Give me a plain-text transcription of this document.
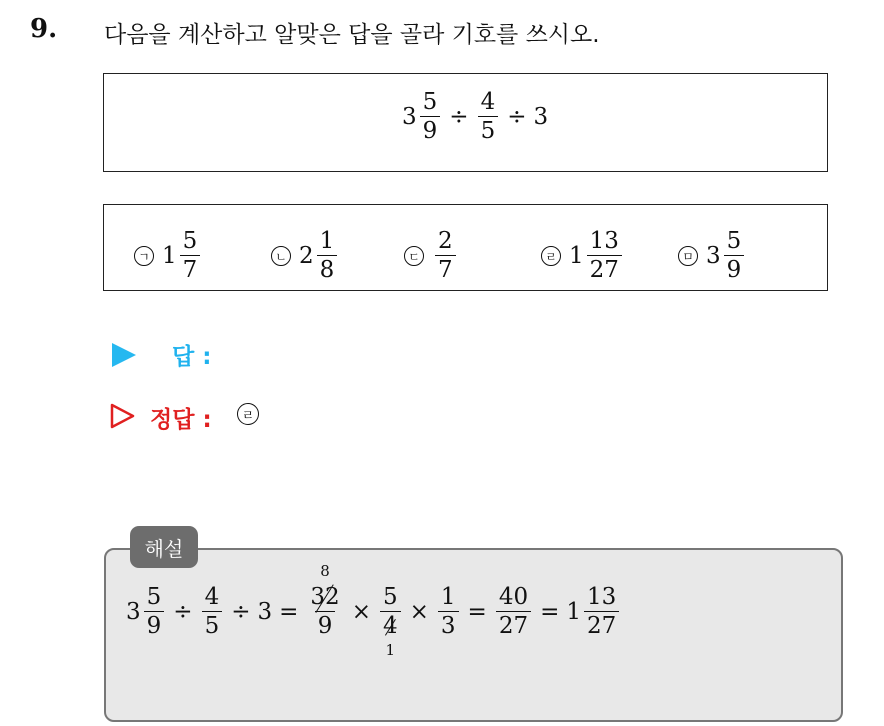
9. 다음을 계산하고 알맞은 답을 골라 기호를 쓰시오.
$3 \frac{5}{9} \div \frac{4}{5} \div 3$
ㄱ $1 \frac{5}{7}$	ㄴ $2 \frac{1}{8}$	ㄷ $\frac{2}{7}$	ㄹ $1 \frac{13}{27}$	ㅁ $3 \frac{5}{9}$
답 :
정답 :	ㄹ
해설
$3 \frac{5}{9} \div \frac{4}{5} \div 3$ =
8
32
9
×
5
4
1
× $\frac{1}{3} = \frac{40}{27} = 1 \frac{13}{27}$
